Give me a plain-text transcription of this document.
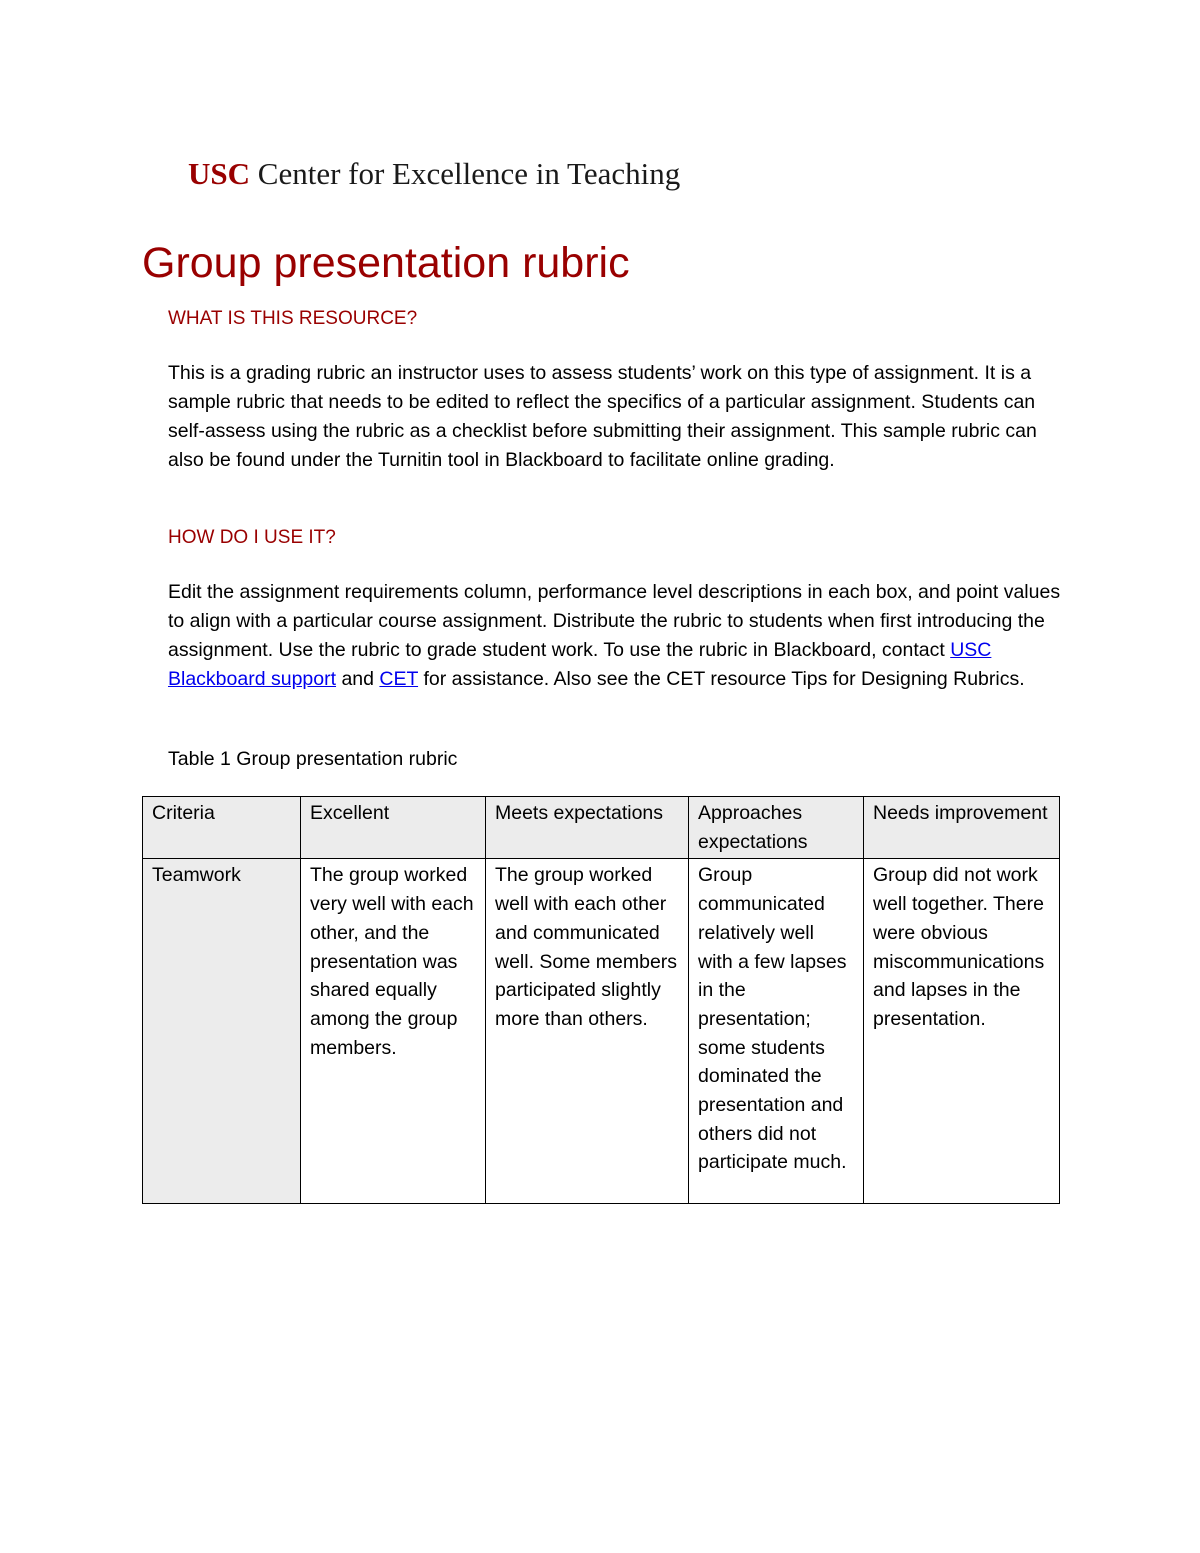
USC Center for Excellence in Teaching
Group presentation rubric
WHAT IS THIS RESOURCE?

This is a grading rubric an instructor uses to assess students’ work on this type of assignment. It is a sample rubric that needs to be edited to reflect the specifics of a particular assignment. Students can self-assess using the rubric as a checklist before submitting their assignment. This sample rubric can also be found under the Turnitin tool in Blackboard to facilitate online grading.

HOW DO I USE IT?

Edit the assignment requirements column, performance level descriptions in each box, and point values to align with a particular course assignment. Distribute the rubric to students when first introducing the assignment. Use the rubric to grade student work. To use the rubric in Blackboard, contact USC Blackboard support and CET for assistance. Also see the CET resource Tips for Designing Rubrics.

Table 1 Group presentation rubric

Criteria	Excellent	Meets expectations	Approaches expectations	Needs improvement
Teamwork	The group worked very well with each other, and the presentation was shared equally among the group members.	The group worked well with each other and communicated well. Some members participated slightly more than others.	Group communicated relatively well with a few lapses in the presentation; some students dominated the presentation and others did not participate much.	Group did not work well together. There were obvious miscommunications and lapses in the presentation.
